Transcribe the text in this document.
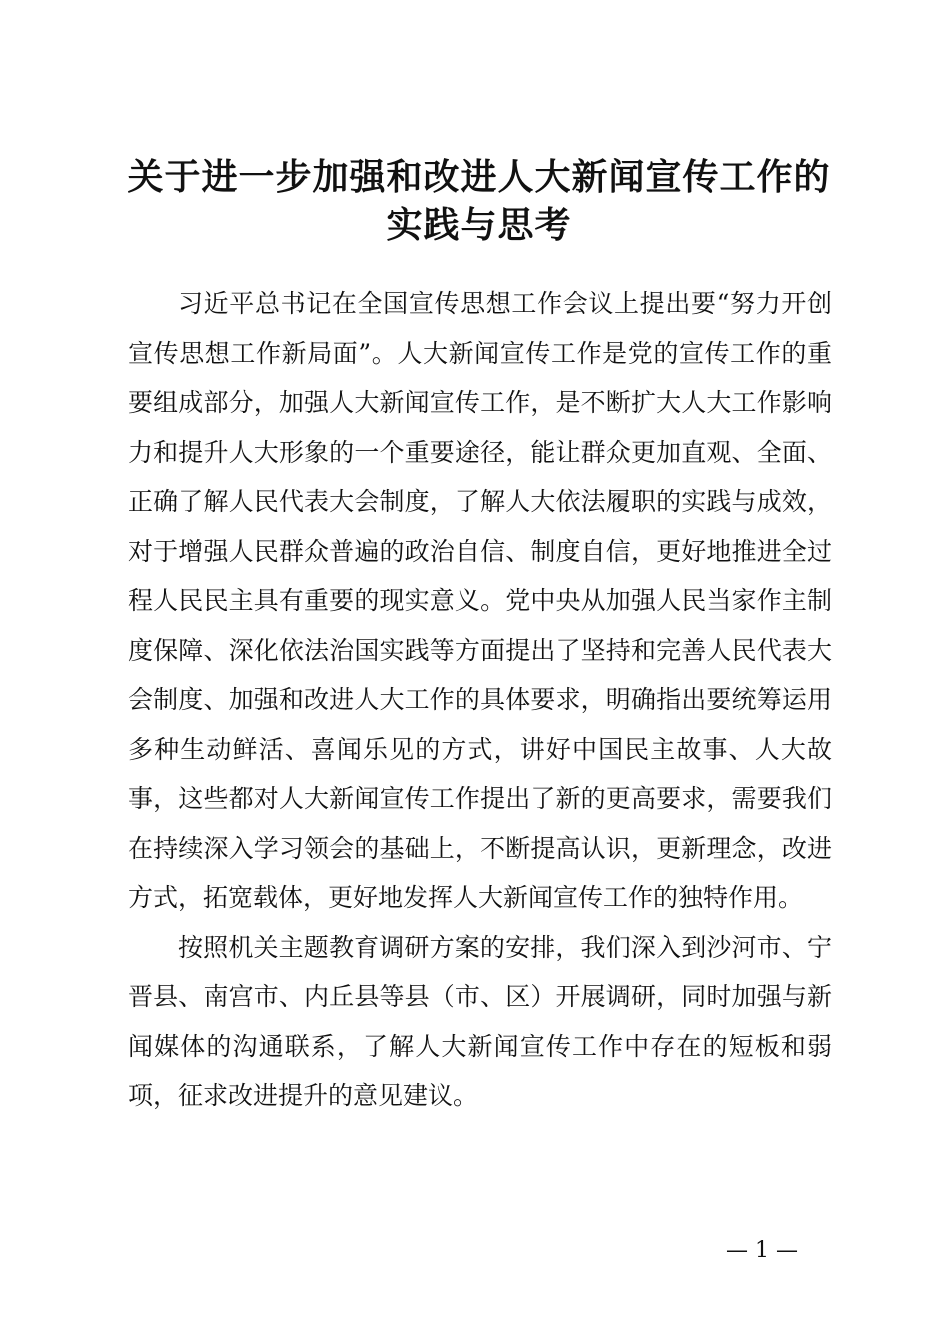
关于进一步加强和改进人大新闻宣传工作的实践与思考

习近平总书记在全国宣传思想工作会议上提出要“努力开创宣传思想工作新局面”。人大新闻宣传工作是党的宣传工作的重要组成部分，加强人大新闻宣传工作，是不断扩大人大工作影响力和提升人大形象的一个重要途径，能让群众更加直观、全面、正确了解人民代表大会制度，了解人大依法履职的实践与成效，对于增强人民群众普遍的政治自信、制度自信，更好地推进全过程人民民主具有重要的现实意义。党中央从加强人民当家作主制度保障、深化依法治国实践等方面提出了坚持和完善人民代表大会制度、加强和改进人大工作的具体要求，明确指出要统筹运用多种生动鲜活、喜闻乐见的方式，讲好中国民主故事、人大故事，这些都对人大新闻宣传工作提出了新的更高要求，需要我们在持续深入学习领会的基础上，不断提高认识，更新理念，改进方式，拓宽载体，更好地发挥人大新闻宣传工作的独特作用。

按照机关主题教育调研方案的安排，我们深入到沙河市、宁晋县、南宫市、内丘县等县（市、区）开展调研，同时加强与新闻媒体的沟通联系，了解人大新闻宣传工作中存在的短板和弱项，征求改进提升的意见建议。

— 1 —
